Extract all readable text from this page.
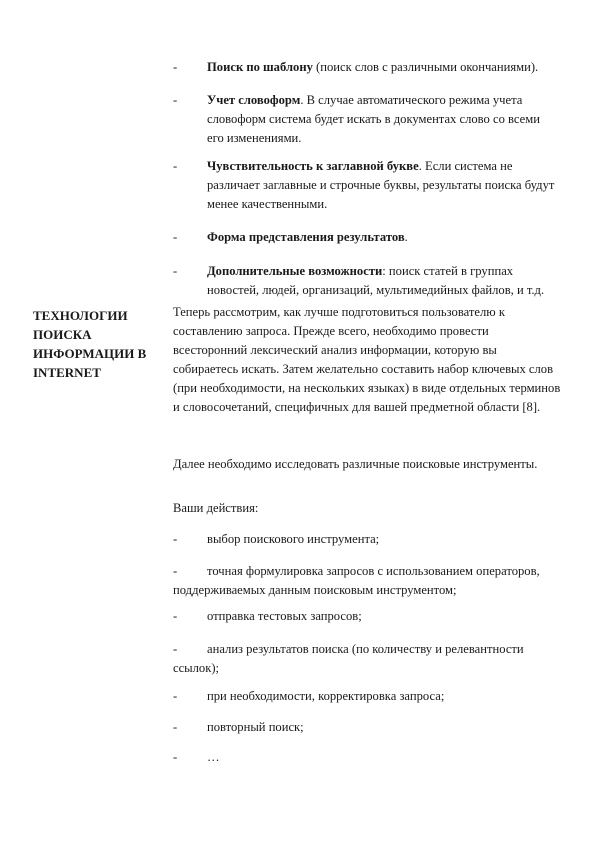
- Поиск по шаблону (поиск слов с различными окончаниями).
- Учет словоформ. В случае автоматического режима учета словоформ система будет искать в документах слово со всеми его изменениями.
- Чувствительность к заглавной букве. Если система не различает заглавные и строчные буквы, результаты поиска будут менее качественными.
- Форма представления результатов.
- Дополнительные возможности: поиск статей в группах новостей, людей, организаций, мультимедийных файлов, и т.д.
ТЕХНОЛОГИИ ПОИСКА ИНФОРМАЦИИ В INTERNET
Теперь рассмотрим, как лучше подготовиться пользователю к составлению запроса. Прежде всего, необходимо провести всесторонний лексический анализ информации, которую вы собираетесь искать. Затем желательно составить набор ключевых слов (при необходимости, на нескольких языках) в виде отдельных терминов и словосочетаний, специфичных для вашей предметной области [8].
Далее необходимо исследовать различные поисковые инструменты.
Ваши действия:
- выбор поискового инструмента;
-	точная формулировка запросов с использованием операторов, поддерживаемых данным поисковым инструментом;
- отправка тестовых запросов;
-	анализ результатов поиска (по количеству и релевантности ссылок);
- при необходимости, корректировка запроса;
- повторный поиск;
- …
